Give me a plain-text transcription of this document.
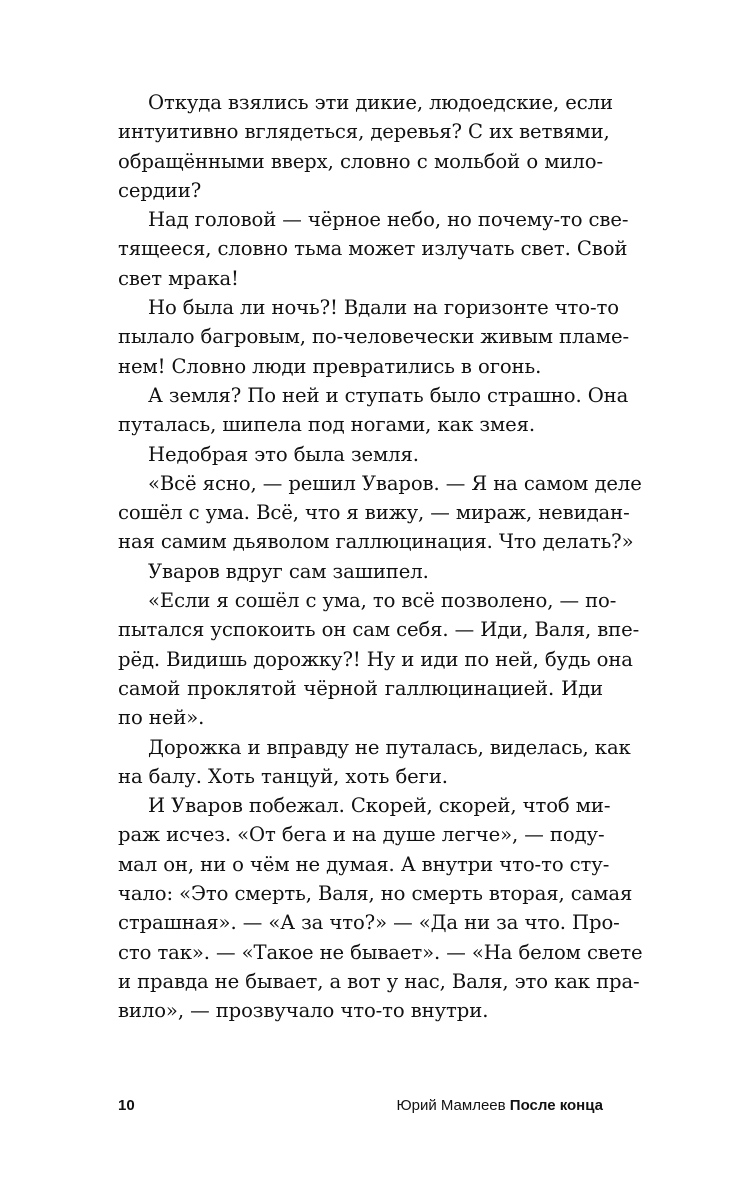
Откуда взялись эти дикие, людоедские, если
интуитивно вглядеться, деревья? С их ветвями,
обращёнными вверх, словно с мольбой о мило-
сердии?
Над головой — чёрное небо, но почему-то све-
тящееся, словно тьма может излучать свет. Свой
свет мрака!
Но была ли ночь?! Вдали на горизонте что-то
пылало багровым, по-человечески живым пламе-
нем! Словно люди превратились в огонь.
А земля? По ней и ступать было страшно. Она
путалась, шипела под ногами, как змея.
Недобрая это была земля.
«Всё ясно, — решил Уваров. — Я на самом деле
сошёл с ума. Всё, что я вижу, — мираж, невидан-
ная самим дьяволом галлюцинация. Что делать?»
Уваров вдруг сам зашипел.
«Если я сошёл с ума, то всё позволено, — по-
пытался успокоить он сам себя. — Иди, Валя, впе-
рёд. Видишь дорожку?! Ну и иди по ней, будь она
самой проклятой чёрной галлюцинацией. Иди
по ней».
Дорожка и вправду не путалась, виделась, как
на балу. Хоть танцуй, хоть беги.
И Уваров побежал. Скорей, скорей, чтоб ми-
раж исчез. «От бега и на душе легче», — поду-
мал он, ни о чём не думая. А внутри что-то сту-
чало: «Это смерть, Валя, но смерть вторая, самая
страшная». — «А за что?» — «Да ни за что. Про-
сто так». — «Такое не бывает». — «На белом свете
и правда не бывает, а вот у нас, Валя, это как пра-
вило», — прозвучало что-то внутри.
10	Юрий Мамлеев После конца
